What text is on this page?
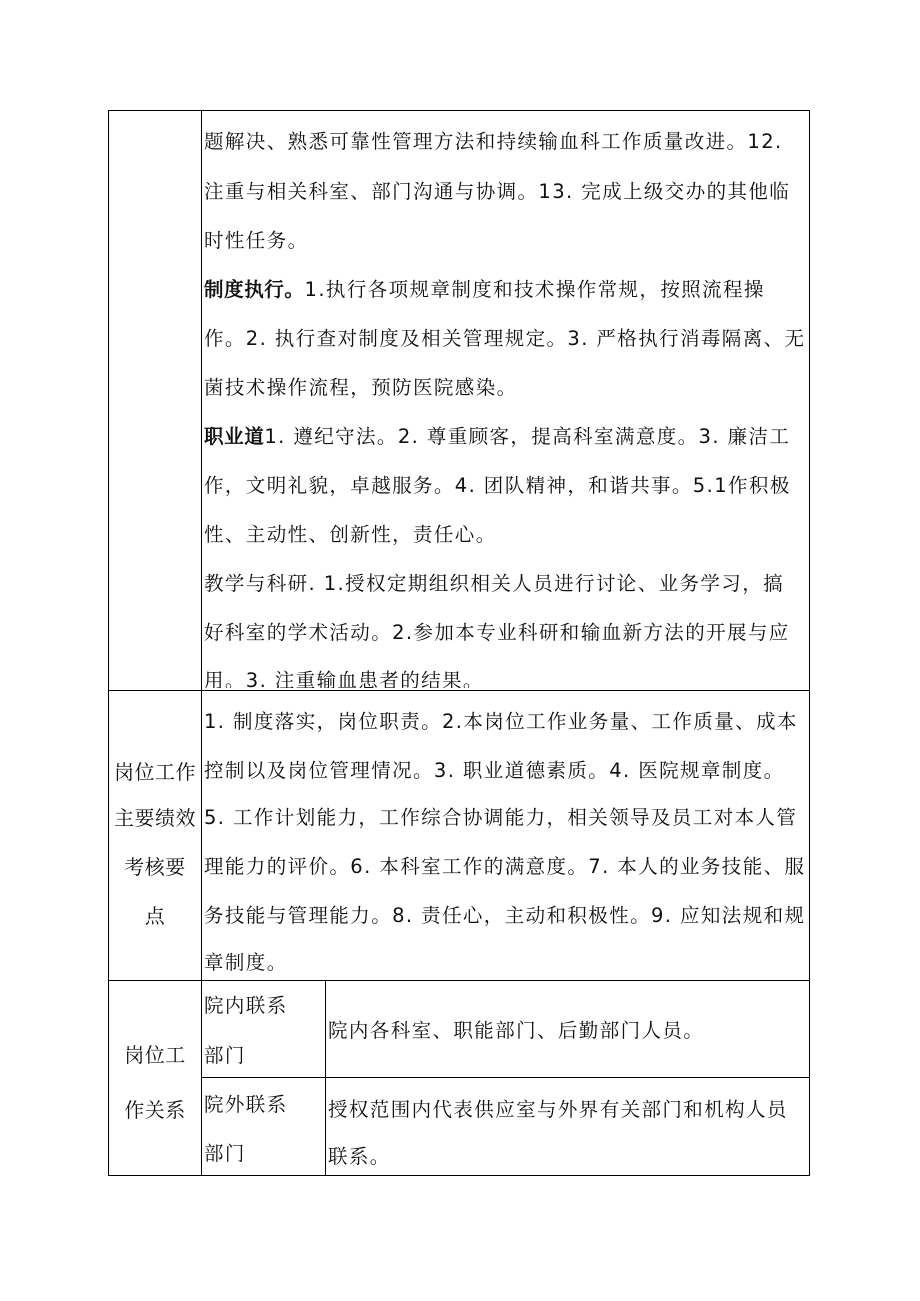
题解决、熟悉可靠性管理方法和持续输血科工作质量改进。12.
注重与相关科室、部门沟通与协调。13. 完成上级交办的其他临
时性任务。
制度执行。1.执行各项规章制度和技术操作常规，按照流程操
作。2. 执行查对制度及相关管理规定。3. 严格执行消毒隔离、无
菌技术操作流程，预防医院感染。
职业道1. 遵纪守法。2. 尊重顾客，提高科室满意度。3. 廉洁工
作，文明礼貌，卓越服务。4. 团队精神，和谐共事。5.1作积极
性、主动性、创新性，责任心。
教学与科研. 1.授权定期组织相关人员进行讨论、业务学习，搞
好科室的学术活动。2.参加本专业科研和输血新方法的开展与应
用。3. 注重输血患者的结果。
岗位工作
主要绩效
考核要
点
1. 制度落实，岗位职责。2.本岗位工作业务量、工作质量、成本
控制以及岗位管理情况。3. 职业道德素质。4. 医院规章制度。
5. 工作计划能力，工作综合协调能力，相关领导及员工对本人管
理能力的评价。6. 本科室工作的满意度。7. 本人的业务技能、服
务技能与管理能力。8. 责任心，主动和积极性。9. 应知法规和规
章制度。
岗位工
作关系
院内联系
部门
院内各科室、职能部门、后勤部门人员。
院外联系
部门
授权范围内代表供应室与外界有关部门和机构人员
联系。
